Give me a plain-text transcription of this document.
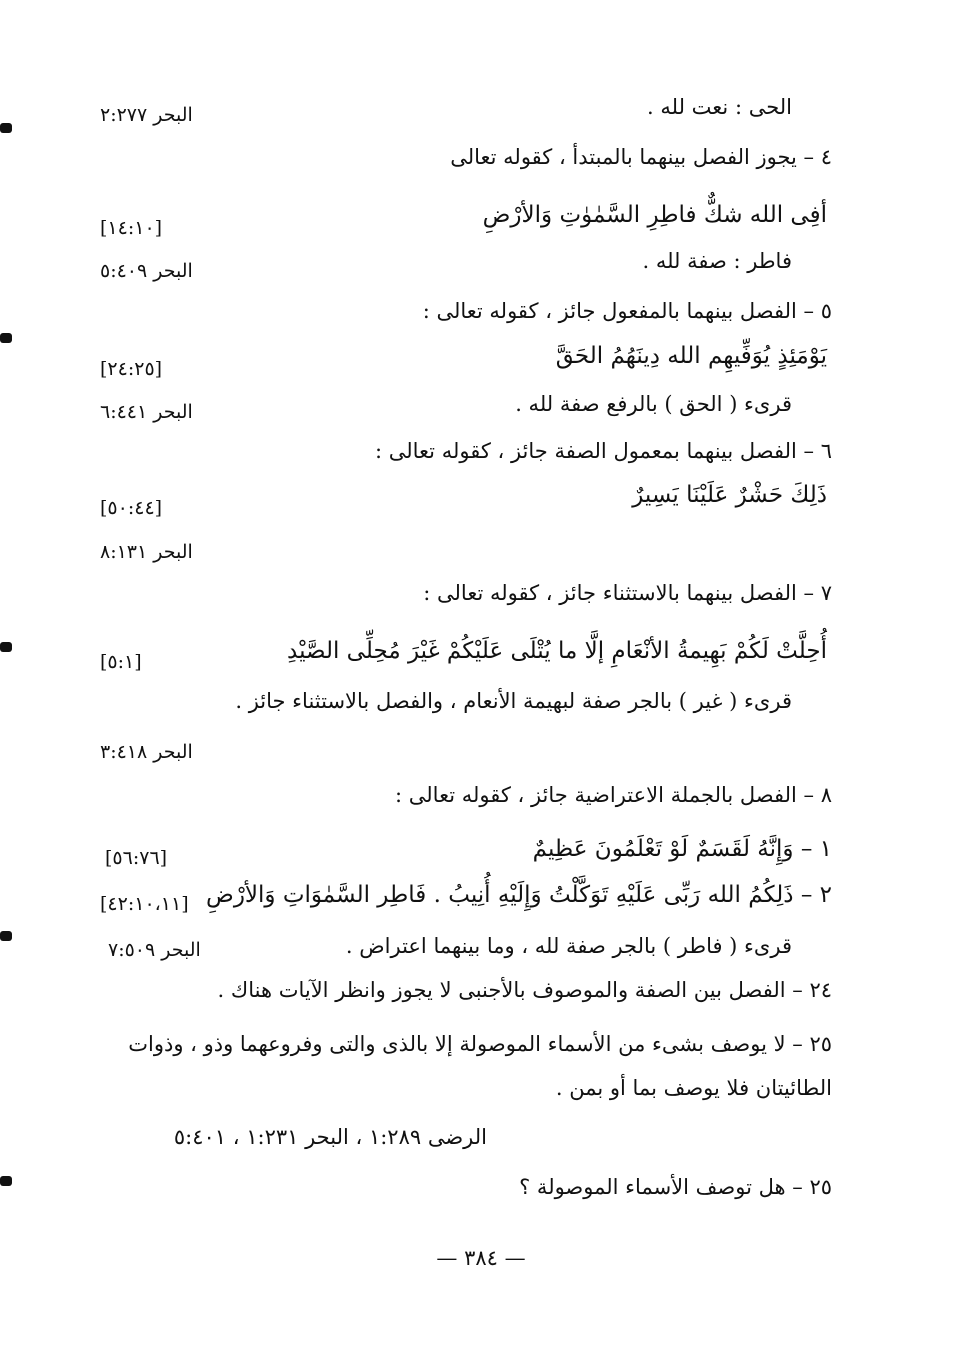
الحى : نعت لله .
البحر ٢:٢٧٧
٤ – يجوز الفصل بينهما بالمبتدأ ، كقوله تعالى
أفِى الله شكٌّ فاطِرِ السَّمٰوٰتِ وَالأرْضِ
[١٤:١٠]
فاطر : صفة لله .
البحر ٥:٤٠٩
٥ – الفصل بينهما بالمفعول جائز ، كقوله تعالى :
يَوْمَئِذٍ يُوَفِّيهِم الله دِينَهُمُ الحَقَّ
[٢٤:٢٥]
قرىء ( الحق ) بالرفع صفة لله .
البحر ٦:٤٤١
٦ – الفصل بينهما بمعمول الصفة جائز ، كقوله تعالى :
ذَلِكَ حَشْرٌ عَلَيْنَا يَسِيرٌ
[٥٠:٤٤]
البحر ٨:١٣١
٧ – الفصل بينهما بالاستثناء جائز ، كقوله تعالى :
أُحِلَّتْ لَكُمْ بَهِيمةُ الأنْعَامِ إلَّا ما يُتْلَى عَلَيْكُمْ غَيْرَ مُحِلِّى الصَّيْدِ
[٥:١]
قرىء ( غير ) بالجر صفة لبهيمة الأنعام ، والفصل بالاستثناء جائز .
البحر ٣:٤١٨
٨ – الفصل بالجملة الاعتراضية جائز ، كقوله تعالى :
١ – وَإِنَّهُ لَقَسَمٌ لَوْ تَعْلَمُونَ عَظِيمٌ
[٥٦:٧٦]
٢ – ذَلِكُمُ الله رَبِّى عَلَيْهِ تَوَكَّلْتُ وَإِلَيْهِ أُنِيبُ . فَاطِر السَّمٰوَاتِ وَالأرْضِ
[٤٢:١٠،١١]
قرىء ( فاطر ) بالجر صفة لله ، وما بينهما اعتراض .
البحر ٧:٥٠٩
٢٤ – الفصل بين الصفة والموصوف بالأجنبى لا يجوز وانظر الآيات هناك .
٢٥ – لا يوصف بشىء من الأسماء الموصولة إلا بالذى والتى وفروعهما وذو ، وذوات الطائيتان فلا يوصف بما أو بمن .
الرضى ١:٢٨٩ ، البحر ١:٢٣١ ، ٥:٤٠١
٢٥ – هل توصف الأسماء الموصولة ؟
— ٣٨٤ —
